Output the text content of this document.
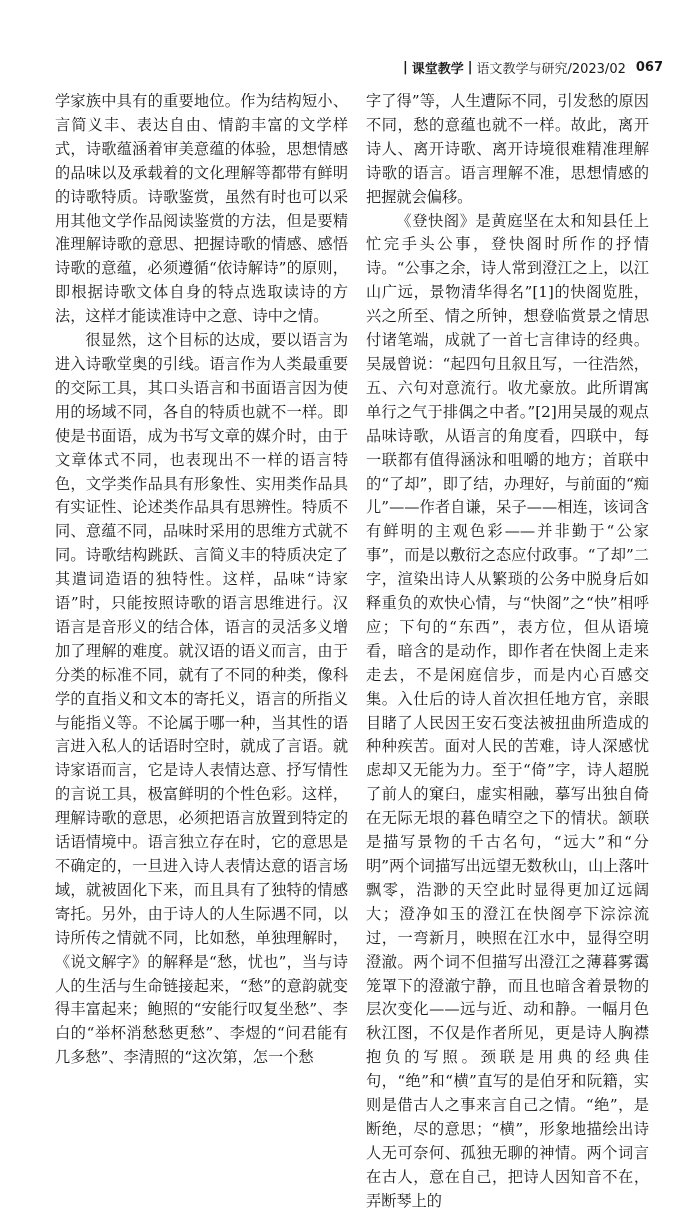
| 课堂教学 | 语文教学与研究/2023/02 067

学家族中具有的重要地位。作为结构短小、言简义丰、表达自由、情韵丰富的文学样式，诗歌蕴涵着审美意蕴的体验，思想情感的品味以及承载着的文化理解等都带有鲜明的诗歌特质。诗歌鉴赏，虽然有时也可以采用其他文学作品阅读鉴赏的方法，但是要精准理解诗歌的意思、把握诗歌的情感、感悟诗歌的意蕴，必须遵循“依诗解诗”的原则，即根据诗歌文体自身的特点选取读诗的方法，这样才能读准诗中之意、诗中之情。

很显然，这个目标的达成，要以语言为进入诗歌堂奥的引线。语言作为人类最重要的交际工具，其口头语言和书面语言因为使用的场域不同，各自的特质也就不一样。即使是书面语，成为书写文章的媒介时，由于文章体式不同，也表现出不一样的语言特色，文学类作品具有形象性、实用类作品具有实证性、论述类作品具有思辨性。特质不同、意蕴不同，品味时采用的思维方式就不同。诗歌结构跳跃、言简义丰的特质决定了其遣词造语的独特性。这样，品味“诗家语”时，只能按照诗歌的语言思维进行。汉语言是音形义的结合体，语言的灵活多义增加了理解的难度。就汉语的语义而言，由于分类的标准不同，就有了不同的种类，像科学的直指义和文本的寄托义，语言的所指义与能指义等。不论属于哪一种，当其性的语言进入私人的话语时空时，就成了言语。就诗家语而言，它是诗人表情达意、抒写情性的言说工具，极富鲜明的个性色彩。这样，理解诗歌的意思，必须把语言放置到特定的话语情境中。语言独立存在时，它的意思是不确定的，一旦进入诗人表情达意的语言场域，就被固化下来，而且具有了独特的情感寄托。另外，由于诗人的人生际遇不同，以诗所传之情就不同，比如愁，单独理解时，《说文解字》的解释是“愁，忧也”，当与诗人的生活与生命链接起来，“愁”的意韵就变得丰富起来；鲍照的“安能行叹复坐愁”、李白的“举杯消愁愁更愁”、李煜的“问君能有几多愁”、李清照的“这次第，怎一个愁

字了得”等，人生遭际不同，引发愁的原因不同，愁的意蕴也就不一样。故此，离开诗人、离开诗歌、离开诗境很难精准理解诗歌的语言。语言理解不准，思想情感的把握就会偏移。

《登快阁》是黄庭坚在太和知县任上忙完手头公事，登快阁时所作的抒情诗。“公事之余，诗人常到澄江之上，以江山广远，景物清华得名”[1]的快阁览胜，兴之所至、情之所钟，想登临赏景之情思付诸笔端，成就了一首七言律诗的经典。吴晟曾说：“起四句且叙且写，一往浩然，五、六句对意流行。收尤豪放。此所谓寓单行之气于排偶之中者。”[2]用吴晟的观点品味诗歌，从语言的角度看，四联中，每一联都有值得涵泳和咀嚼的地方；首联中的“了却”，即了结，办理好，与前面的“痴儿”——作者自谦，呆子——相连，该词含有鲜明的主观色彩——并非勤于“公家事”，而是以敷衍之态应付政事。“了却”二字，渲染出诗人从繁琐的公务中脱身后如释重负的欢快心情，与“快阁”之“快”相呼应；下句的“东西”，表方位，但从语境看，暗含的是动作，即作者在快阁上走来走去，不是闲庭信步，而是内心百感交集。入仕后的诗人首次担任地方官，亲眼目睹了人民因王安石变法被扭曲所造成的种种疾苦。面对人民的苦难，诗人深感忧虑却又无能为力。至于“倚”字，诗人超脱了前人的窠臼，虚实相融，摹写出独自倚在无际无垠的暮色晴空之下的情状。颔联是描写景物的千古名句，“远大”和“分明”两个词描写出远望无数秋山，山上落叶飘零，浩渺的天空此时显得更加辽远阔大；澄净如玉的澄江在快阁亭下淙淙流过，一弯新月，映照在江水中，显得空明澄澈。两个词不但描写出澄江之薄暮雾霭笼罩下的澄澈宁静，而且也暗含着景物的层次变化——远与近、动和静。一幅月色秋江图，不仅是作者所见，更是诗人胸襟抱负的写照。颈联是用典的经典佳句，“绝”和“横”直写的是伯牙和阮籍，实则是借古人之事来言自己之情。“绝”，是断绝，尽的意思；“横”，形象地描绘出诗人无可奈何、孤独无聊的神情。两个词言在古人，意在自己，把诗人因知音不在，弄断琴上的
